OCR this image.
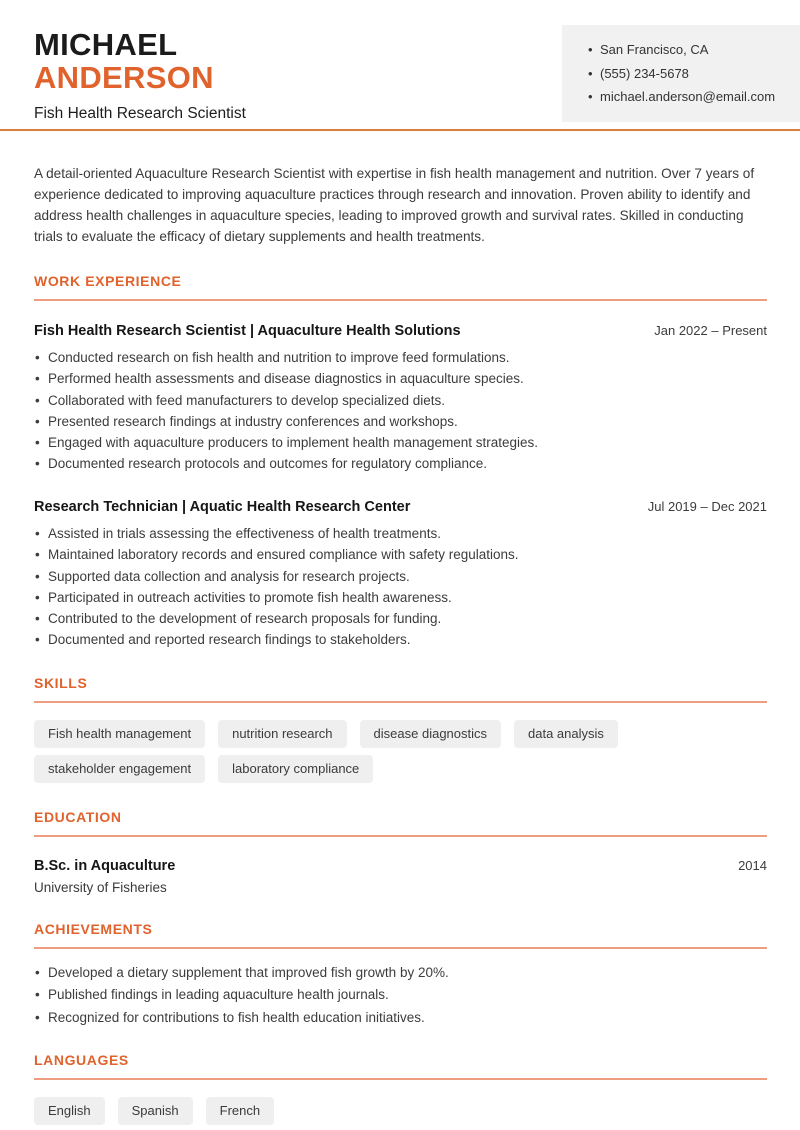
MICHAEL
ANDERSON
Fish Health Research Scientist
• San Francisco, CA
• (555) 234-5678
• michael.anderson@email.com

A detail-oriented Aquaculture Research Scientist with expertise in fish health management and nutrition. Over 7 years of experience dedicated to improving aquaculture practices through research and innovation. Proven ability to identify and address health challenges in aquaculture species, leading to improved growth and survival rates. Skilled in conducting trials to evaluate the efficacy of dietary supplements and health treatments.

WORK EXPERIENCE
Fish Health Research Scientist | Aquaculture Health Solutions	Jan 2022 – Present
• Conducted research on fish health and nutrition to improve feed formulations.
• Performed health assessments and disease diagnostics in aquaculture species.
• Collaborated with feed manufacturers to develop specialized diets.
• Presented research findings at industry conferences and workshops.
• Engaged with aquaculture producers to implement health management strategies.
• Documented research protocols and outcomes for regulatory compliance.
Research Technician | Aquatic Health Research Center	Jul 2019 – Dec 2021
• Assisted in trials assessing the effectiveness of health treatments.
• Maintained laboratory records and ensured compliance with safety regulations.
• Supported data collection and analysis for research projects.
• Participated in outreach activities to promote fish health awareness.
• Contributed to the development of research proposals for funding.
• Documented and reported research findings to stakeholders.
SKILLS
Fish health management	nutrition research	disease diagnostics	data analysis
stakeholder engagement	laboratory compliance
EDUCATION
B.Sc. in Aquaculture	2014
University of Fisheries
ACHIEVEMENTS
• Developed a dietary supplement that improved fish growth by 20%.
• Published findings in leading aquaculture health journals.
• Recognized for contributions to fish health education initiatives.
LANGUAGES
English	Spanish	French
